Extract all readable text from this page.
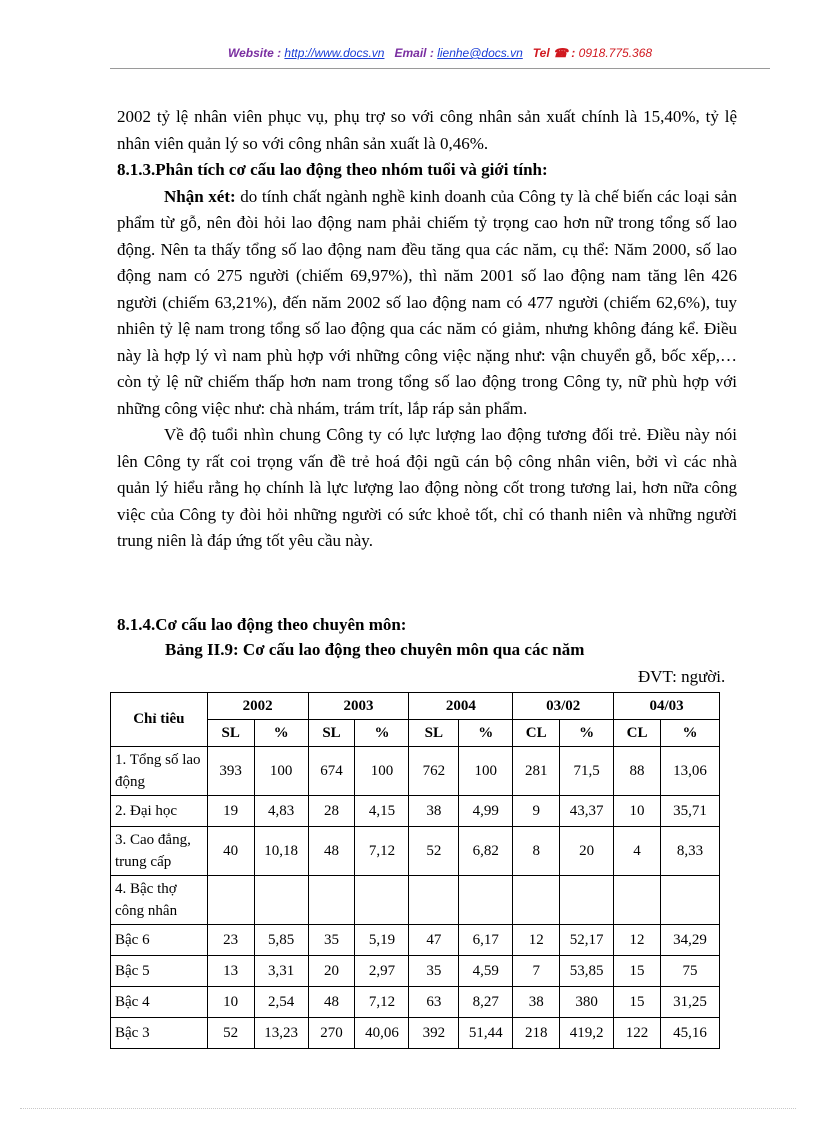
Website : http://www.docs.vn Email : lienhe@docs.vn Tel ☎ : 0918.775.368

2002 tỷ lệ nhân viên phục vụ, phụ trợ so với công nhân sản xuất chính là 15,40%, tỷ lệ nhân viên quản lý so với công nhân sản xuất là 0,46%.

8.1.3.Phân tích cơ cấu lao động theo nhóm tuổi và giới tính:

Nhận xét: do tính chất ngành nghề kinh doanh của Công ty là chế biến các loại sản phẩm từ gỗ, nên đòi hỏi lao động nam phải chiếm tỷ trọng cao hơn nữ trong tổng số lao động. Nên ta thấy tổng số lao động nam đều tăng qua các năm, cụ thể: Năm 2000, số lao động nam có 275 người (chiếm 69,97%), thì năm 2001 số lao động nam tăng lên 426 người (chiếm 63,21%), đến năm 2002 số lao động nam có 477 người (chiếm 62,6%), tuy nhiên tỷ lệ nam trong tổng số lao động qua các năm có giảm, nhưng không đáng kể. Điều này là hợp lý vì nam phù hợp với những công việc nặng như: vận chuyển gỗ, bốc xếp,… còn tỷ lệ nữ chiếm thấp hơn nam trong tổng số lao động trong Công ty, nữ phù hợp với những công việc như: chà nhám, trám trít, lắp ráp sản phẩm.

Về độ tuổi nhìn chung Công ty có lực lượng lao động tương đối trẻ. Điều này nói lên Công ty rất coi trọng vấn đề trẻ hoá đội ngũ cán bộ công nhân viên, bởi vì các nhà quản lý hiểu rằng họ chính là lực lượng lao động nòng cốt trong tương lai, hơn nữa công việc của Công ty đòi hỏi những người có sức khoẻ tốt, chỉ có thanh niên và những người trung niên là đáp ứng tốt yêu cầu này.

8.1.4.Cơ cấu lao động theo chuyên môn:

Bảng II.9: Cơ cấu lao động theo chuyên môn qua các năm
ĐVT: người.
Chỉ tiêu	2002		2003		2004		03/02		04/03	
	SL	%	SL	%	SL	%	CL	%	CL	%
1. Tổng số lao động	393	100	674	100	762	100	281	71,5	88	13,06
2. Đại học	19	4,83	28	4,15	38	4,99	9	43,37	10	35,71
3. Cao đẳng, trung cấp	40	10,18	48	7,12	52	6,82	8	20	4	8,33
4. Bậc thợ công nhân										
Bậc 6	23	5,85	35	5,19	47	6,17	12	52,17	12	34,29
Bậc 5	13	3,31	20	2,97	35	4,59	7	53,85	15	75
Bậc 4	10	2,54	48	7,12	63	8,27	38	380	15	31,25
Bậc 3	52	13,23	270	40,06	392	51,44	218	419,2	122	45,16
